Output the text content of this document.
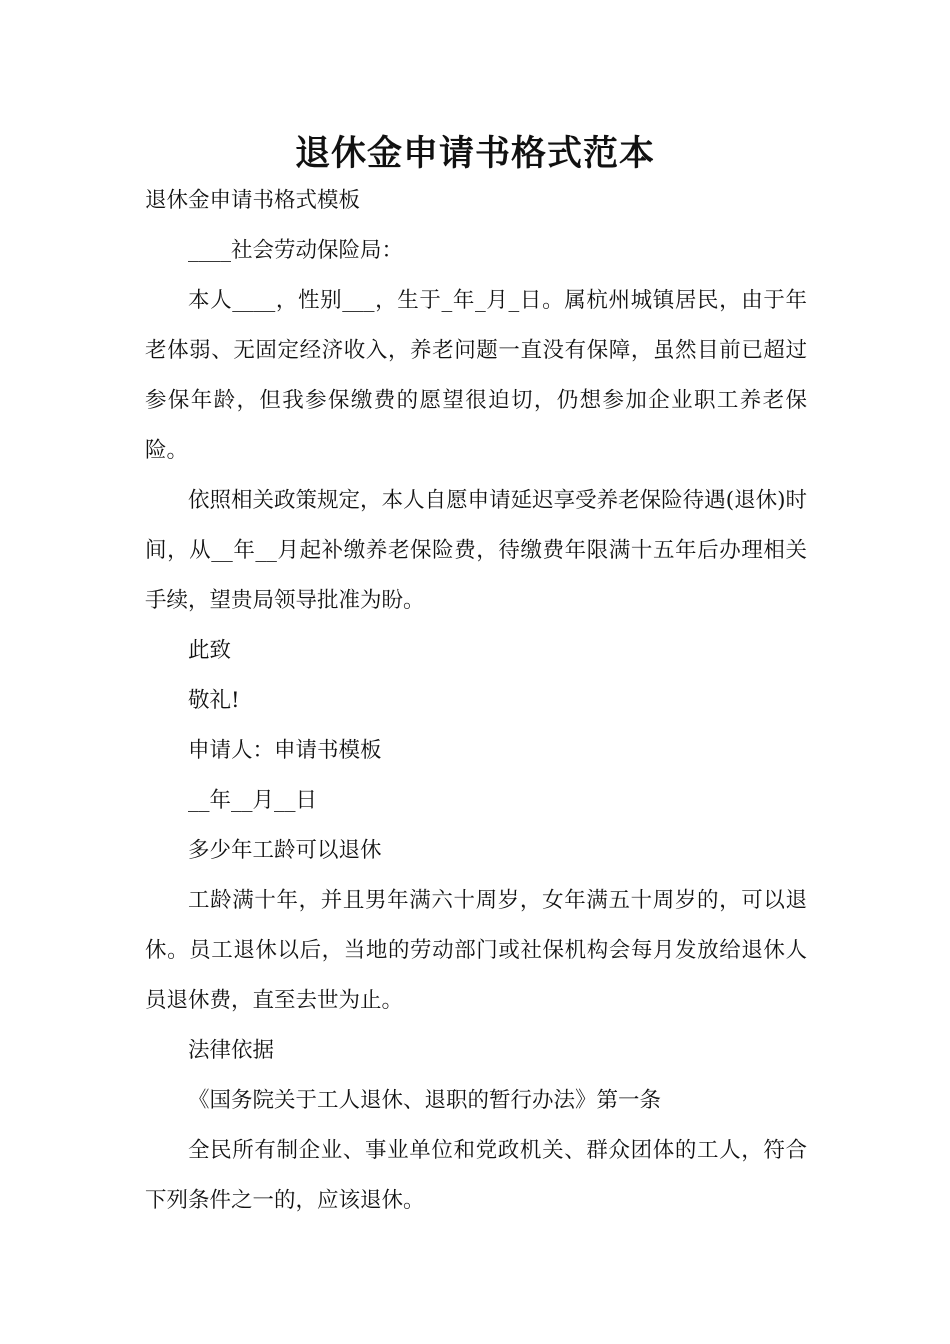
退休金申请书格式范本

退休金申请书格式模板

____社会劳动保险局：

本人____，性别___，生于_年_月_日。属杭州城镇居民，由于年老体弱、无固定经济收入，养老问题一直没有保障，虽然目前已超过参保年龄，但我参保缴费的愿望很迫切，仍想参加企业职工养老保险。

依照相关政策规定，本人自愿申请延迟享受养老保险待遇(退休)时间，从__年__月起补缴养老保险费，待缴费年限满十五年后办理相关手续，望贵局领导批准为盼。

此致

敬礼!

申请人：申请书模板

__年__月__日

多少年工龄可以退休

工龄满十年，并且男年满六十周岁，女年满五十周岁的，可以退休。员工退休以后，当地的劳动部门或社保机构会每月发放给退休人员退休费，直至去世为止。

法律依据

《国务院关于工人退休、退职的暂行办法》第一条

全民所有制企业、事业单位和党政机关、群众团体的工人，符合下列条件之一的，应该退休。
